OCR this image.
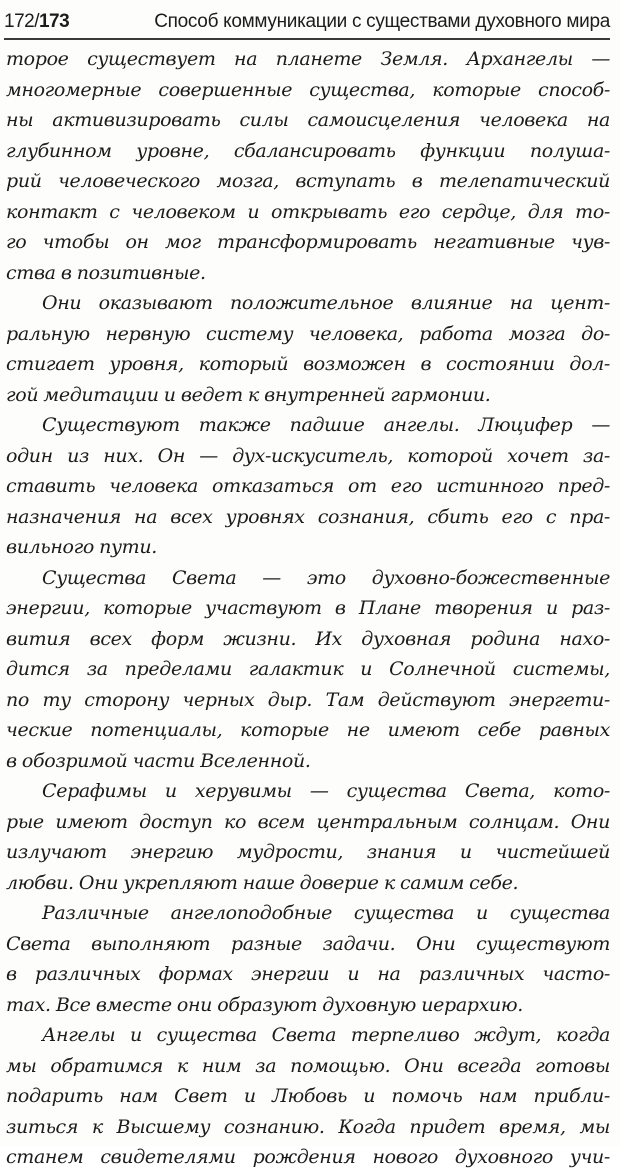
172/173	Способ коммуникации с существами духовного мира
торое существует на планете Земля. Архангелы —
многомерные совершенные существа, которые способ-
ны активизировать силы самоисцеления человека на
глубинном уровне, сбалансировать функции полуша-
рий человеческого мозга, вступать в телепатический
контакт с человеком и открывать его сердце, для то-
го чтобы он мог трансформировать негативные чув-
ства в позитивные.
Они оказывают положительное влияние на цент-
ральную нервную систему человека, работа мозга до-
стигает уровня, который возможен в состоянии дол-
гой медитации и ведет к внутренней гармонии.
Существуют также падшие ангелы. Люцифер —
один из них. Он — дух-искуситель, которой хочет за-
ставить человека отказаться от его истинного пред-
назначения на всех уровнях сознания, сбить его с пра-
вильного пути.
Существа Света — это духовно-божественные
энергии, которые участвуют в Плане творения и раз-
вития всех форм жизни. Их духовная родина нахо-
дится за пределами галактик и Солнечной системы,
по ту сторону черных дыр. Там действуют энергети-
ческие потенциалы, которые не имеют себе равных
в обозримой части Вселенной.
Серафимы и херувимы — существа Света, кото-
рые имеют доступ ко всем центральным солнцам. Они
излучают энергию мудрости, знания и чистейшей
любви. Они укрепляют наше доверие к самим себе.
Различные ангелоподобные существа и существа
Света выполняют разные задачи. Они существуют
в различных формах энергии и на различных часто-
тах. Все вместе они образуют духовную иерархию.
Ангелы и существа Света терпеливо ждут, когда
мы обратимся к ним за помощью. Они всегда готовы
подарить нам Свет и Любовь и помочь нам прибли-
зиться к Высшему сознанию. Когда придет время, мы
станем свидетелями рождения нового духовного учи-
